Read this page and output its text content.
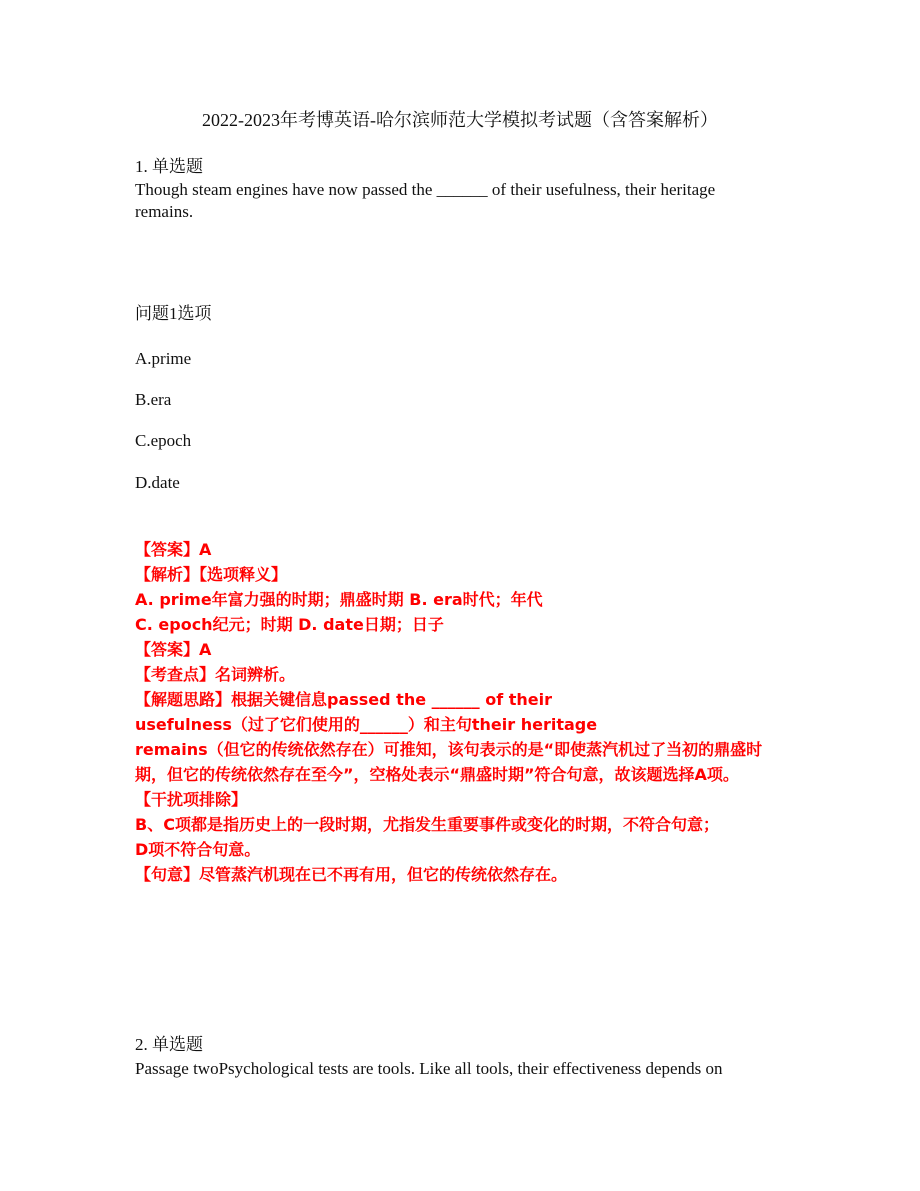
2022-2023年考博英语-哈尔滨师范大学模拟考试题（含答案解析）
1. 单选题
Though steam engines have now passed the ______ of their usefulness, their heritage remains.
问题1选项
A.prime
B.era
C.epoch
D.date
【答案】A
【解析】【选项释义】
A. prime年富力强的时期；鼎盛时期 B. era时代；年代
C. epoch纪元；时期 D. date日期；日子
【答案】A
【考查点】名词辨析。
【解题思路】根据关键信息passed the ______ of their
usefulness（过了它们使用的______）和主句their heritage
remains（但它的传统依然存在）可推知，该句表示的是“即使蒸汽机过了当初的鼎盛时期，但它的传统依然存在至今”，空格处表示“鼎盛时期”符合句意，故该题选择A项。
【干扰项排除】
B、C项都是指历史上的一段时期，尤指发生重要事件或变化的时期，不符合句意；
D项不符合句意。
【句意】尽管蒸汽机现在已不再有用，但它的传统依然存在。
2. 单选题
Passage twoPsychological tests are tools. Like all tools, their effectiveness depends on
